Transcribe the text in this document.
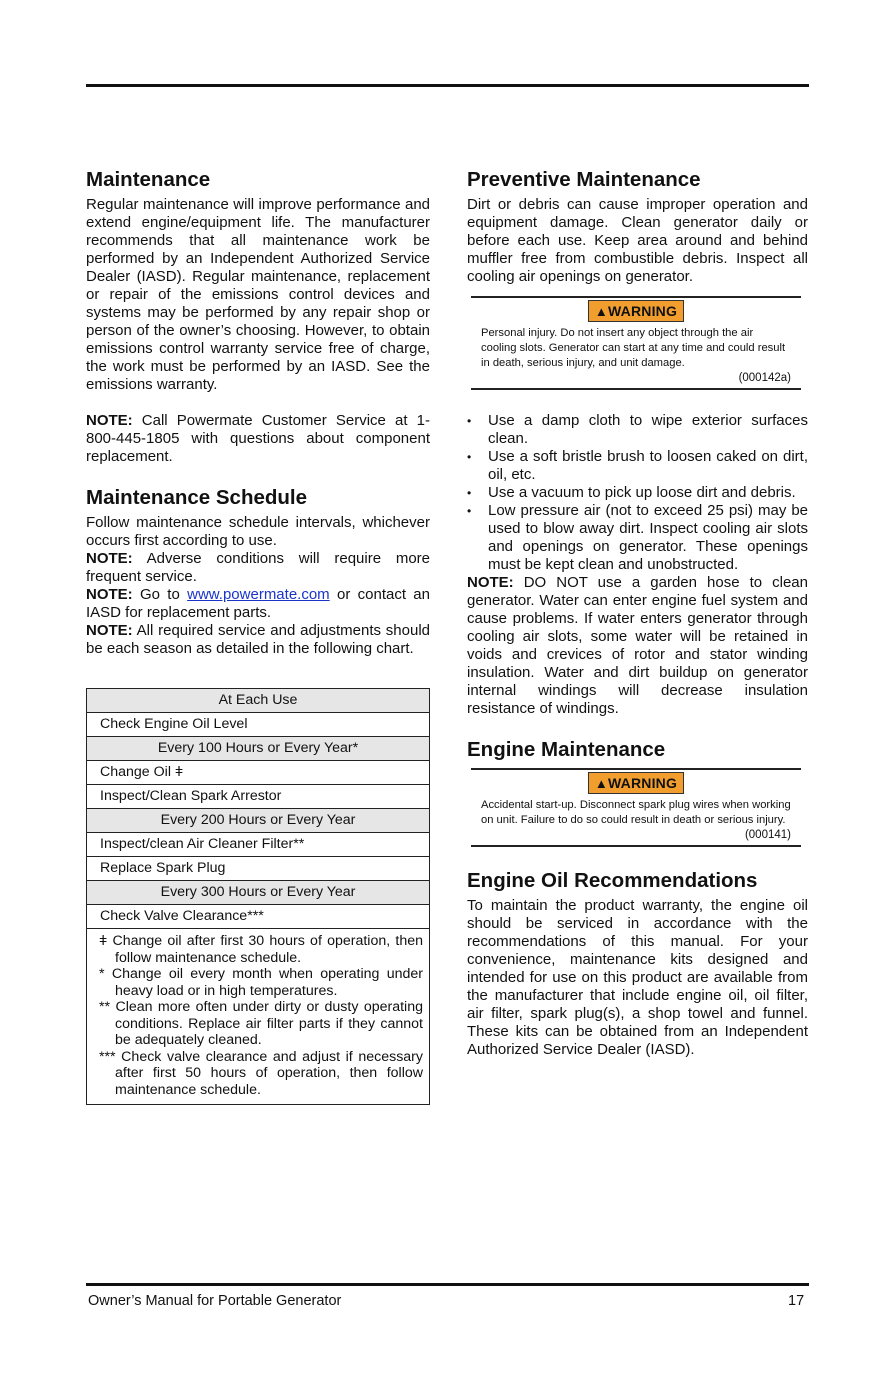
Maintenance

Regular maintenance will improve performance and extend engine/equipment life. The manufacturer recommends that all maintenance work be performed by an Independent Authorized Service Dealer (IASD). Regular maintenance, replacement or repair of the emissions control devices and systems may be performed by any repair shop or person of the owner’s choosing. However, to obtain emissions control warranty service free of charge, the work must be performed by an IASD. See the emissions warranty.

NOTE: Call Powermate Customer Service at 1-800-445-1805 with questions about component replacement.

Maintenance Schedule

Follow maintenance schedule intervals, whichever occurs first according to use.

NOTE: Adverse conditions will require more frequent service.

NOTE: Go to www.powermate.com or contact an IASD for replacement parts.

NOTE: All required service and adjustments should be each season as detailed in the following chart.

At Each Use
Check Engine Oil Level
Every 100 Hours or Every Year*
Change Oil ǂ
Inspect/Clean Spark Arrestor
Every 200 Hours or Every Year
Inspect/clean Air Cleaner Filter**
Replace Spark Plug
Every 300 Hours or Every Year
Check Valve Clearance***

ǂ Change oil after first 30 hours of operation, then follow maintenance schedule.
* Change oil every month when operating under heavy load or in high temperatures.
** Clean more often under dirty or dusty operating conditions. Replace air filter parts if they cannot be adequately cleaned.
*** Check valve clearance and adjust if necessary after first 50 hours of operation, then follow maintenance schedule.
Preventive Maintenance

Dirt or debris can cause improper operation and equipment damage. Clean generator daily or before each use. Keep area around and behind muffler free from combustible debris. Inspect all cooling air openings on generator.

▲WARNING
Personal injury. Do not insert any object through the air cooling slots. Generator can start at any time and could result in death, serious injury, and unit damage.
(000142a)
• Use a damp cloth to wipe exterior surfaces clean.
• Use a soft bristle brush to loosen caked on dirt, oil, etc.
• Use a vacuum to pick up loose dirt and debris.
• Low pressure air (not to exceed 25 psi) may be used to blow away dirt. Inspect cooling air slots and openings on generator. These openings must be kept clean and unobstructed.

NOTE: DO NOT use a garden hose to clean generator. Water can enter engine fuel system and cause problems. If water enters generator through cooling air slots, some water will be retained in voids and crevices of rotor and stator winding insulation. Water and dirt buildup on generator internal windings will decrease insulation resistance of windings.

Engine Maintenance
▲WARNING
Accidental start-up. Disconnect spark plug wires when working on unit. Failure to do so could result in death or serious injury.
(000141)
Engine Oil Recommendations

To maintain the product warranty, the engine oil should be serviced in accordance with the recommendations of this manual. For your convenience, maintenance kits designed and intended for use on this product are available from the manufacturer that include engine oil, oil filter, air filter, spark plug(s), a shop towel and funnel. These kits can be obtained from an Independent Authorized Service Dealer (IASD).

Owner’s Manual for Portable Generator	17
